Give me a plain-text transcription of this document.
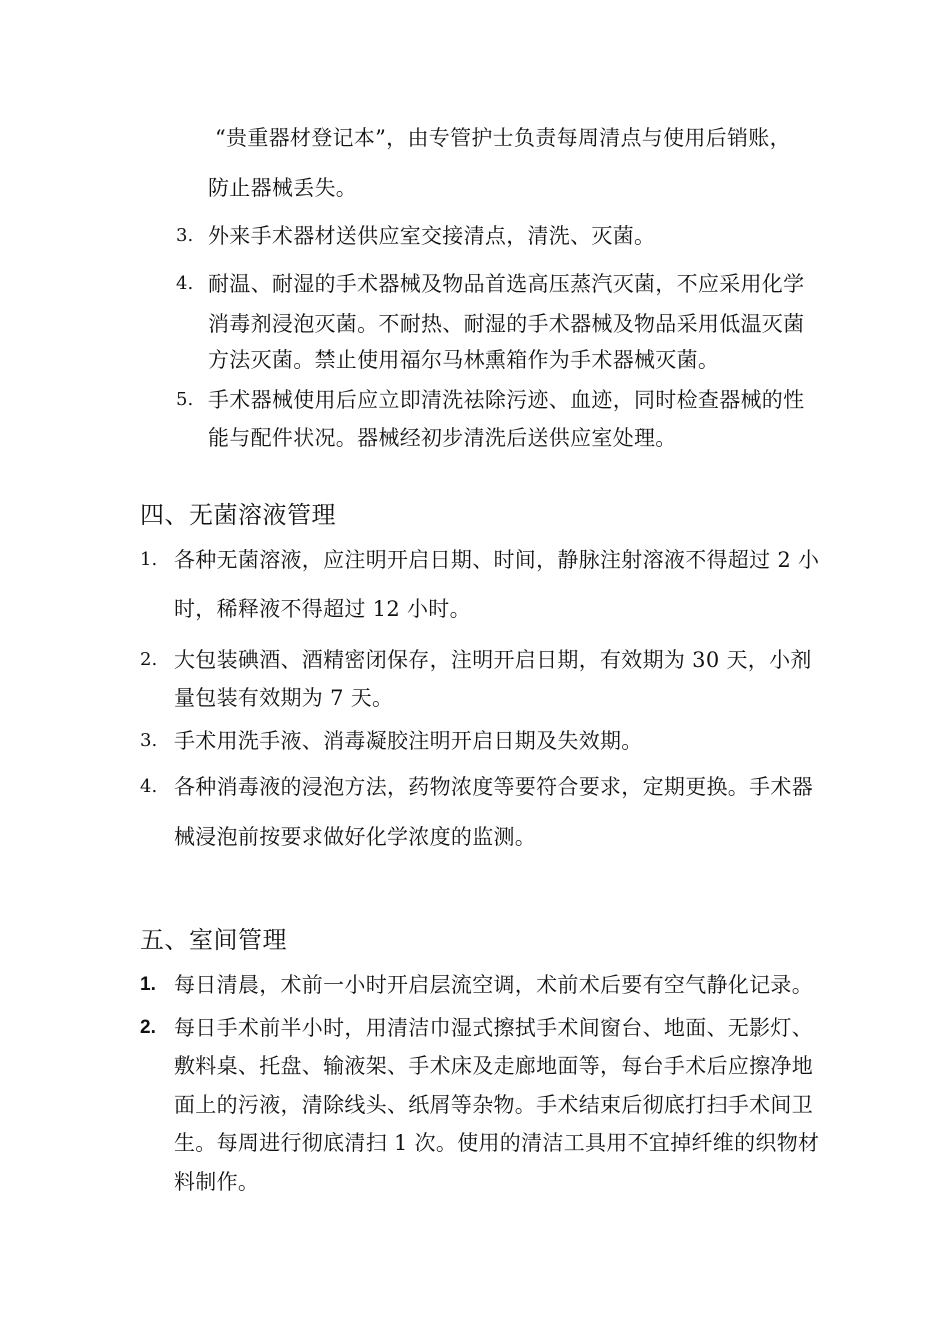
“贵重器材登记本”，由专管护士负责每周清点与使用后销账，
防止器械丢失。
3. 外来手术器材送供应室交接清点，清洗、灭菌。
4. 耐温、耐湿的手术器械及物品首选高压蒸汽灭菌，不应采用化学
消毒剂浸泡灭菌。不耐热、耐湿的手术器械及物品采用低温灭菌
方法灭菌。禁止使用福尔马林熏箱作为手术器械灭菌。
5. 手术器械使用后应立即清洗祛除污迹、血迹，同时检查器械的性
能与配件状况。器械经初步清洗后送供应室处理。
四、无菌溶液管理
1. 各种无菌溶液，应注明开启日期、时间，静脉注射溶液不得超过 2 小
时，稀释液不得超过 12 小时。
2. 大包装碘酒、酒精密闭保存，注明开启日期，有效期为 30 天，小剂
量包装有效期为 7 天。
3. 手术用洗手液、消毒凝胶注明开启日期及失效期。
4. 各种消毒液的浸泡方法，药物浓度等要符合要求，定期更换。手术器
械浸泡前按要求做好化学浓度的监测。
五、室间管理
1. 每日清晨，术前一小时开启层流空调，术前术后要有空气静化记录。
2. 每日手术前半小时，用清洁巾湿式擦拭手术间窗台、地面、无影灯、
敷料桌、托盘、输液架、手术床及走廊地面等，每台手术后应擦净地
面上的污液，清除线头、纸屑等杂物。手术结束后彻底打扫手术间卫
生。每周进行彻底清扫 1 次。使用的清洁工具用不宜掉纤维的织物材
料制作。
